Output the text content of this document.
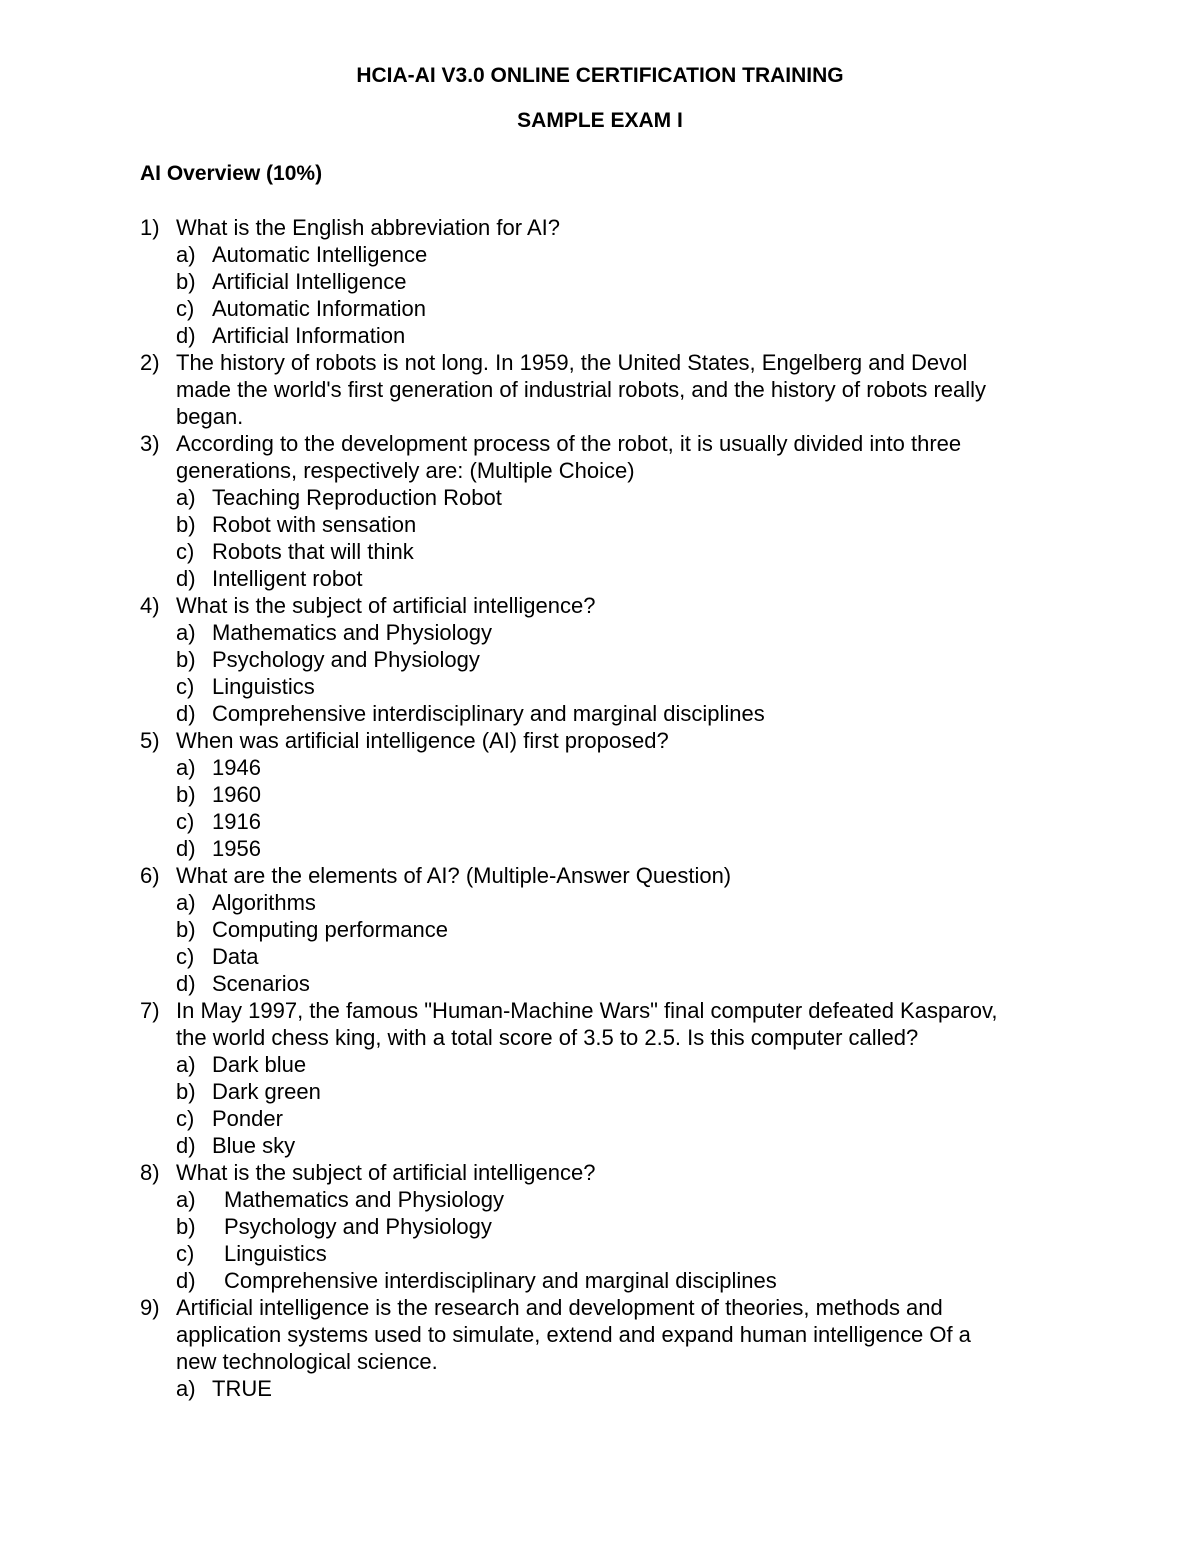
HCIA-AI V3.0 ONLINE CERTIFICATION TRAINING
SAMPLE EXAM I
AI Overview (10%)
1) What is the English abbreviation for AI?
a) Automatic Intelligence
b) Artificial Intelligence
c) Automatic Information
d) Artificial Information
2) The history of robots is not long. In 1959, the United States, Engelberg and Devol
made the world's first generation of industrial robots, and the history of robots really
began.
3) According to the development process of the robot, it is usually divided into three
generations, respectively are: (Multiple Choice)
a) Teaching Reproduction Robot
b) Robot with sensation
c) Robots that will think
d) Intelligent robot
4) What is the subject of artificial intelligence?
a) Mathematics and Physiology
b) Psychology and Physiology
c) Linguistics
d) Comprehensive interdisciplinary and marginal disciplines
5) When was artificial intelligence (AI) first proposed?
a) 1946
b) 1960
c) 1916
d) 1956
6) What are the elements of AI? (Multiple-Answer Question)
a) Algorithms
b) Computing performance
c) Data
d) Scenarios
7) In May 1997, the famous "Human-Machine Wars" final computer defeated Kasparov,
the world chess king, with a total score of 3.5 to 2.5. Is this computer called?
a) Dark blue
b) Dark green
c) Ponder
d) Blue sky
8) What is the subject of artificial intelligence?
a) Mathematics and Physiology
b) Psychology and Physiology
c) Linguistics
d) Comprehensive interdisciplinary and marginal disciplines
9) Artificial intelligence is the research and development of theories, methods and
application systems used to simulate, extend and expand human intelligence Of a
new technological science.
a) TRUE
